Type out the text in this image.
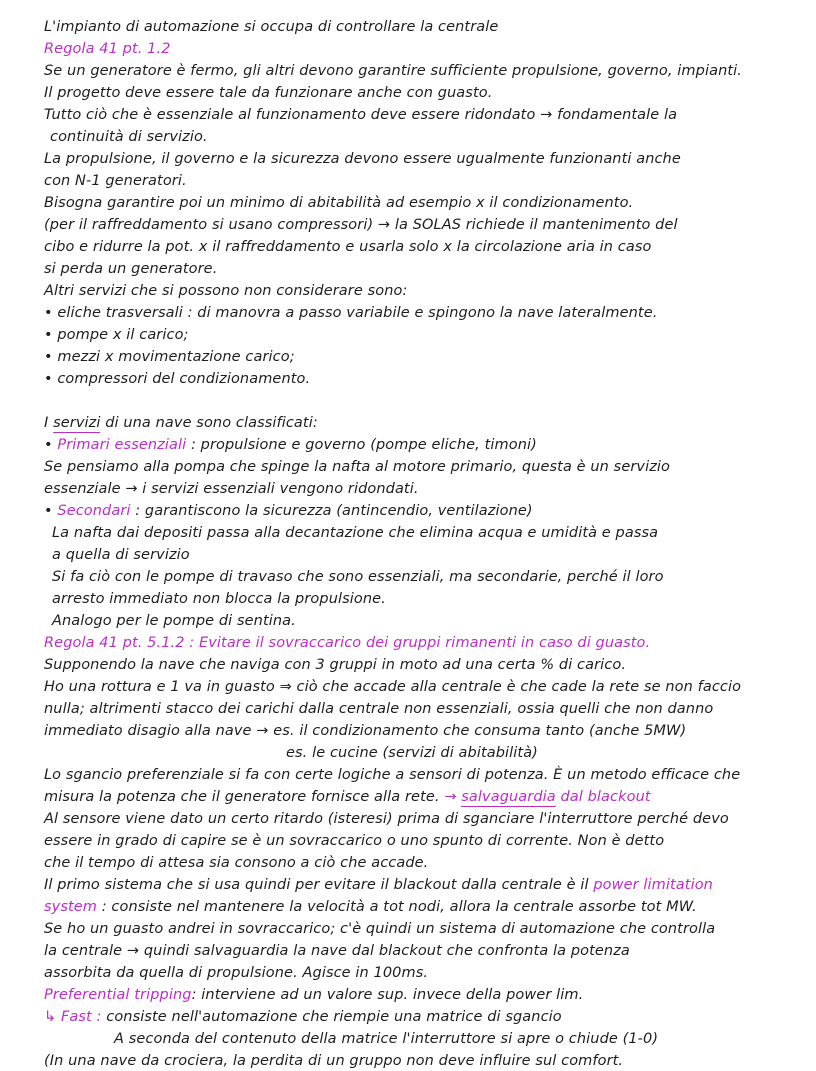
L'impianto di automazione si occupa di controllare la centrale
Regola 41 pt. 1.2
Se un generatore è fermo, gli altri devono garantire sufficiente propulsione, governo, impianti.
Il progetto deve essere tale da funzionare anche con guasto.
Tutto ciò che è essenziale al funzionamento deve essere ridondato → fondamentale la
continuità di servizio.
La propulsione, il governo e la sicurezza devono essere ugualmente funzionanti anche
con N-1 generatori.
Bisogna garantire poi un minimo di abitabilità ad esempio x il condizionamento.
(per il raffreddamento si usano compressori) → la SOLAS richiede il mantenimento del
cibo e ridurre la pot. x il raffreddamento e usarla solo x la circolazione aria in caso
si perda un generatore.
Altri servizi che si possono non considerare sono:
• eliche trasversali : di manovra a passo variabile e spingono la nave lateralmente.
• pompe x il carico;
• mezzi x movimentazione carico;
• compressori del condizionamento.
I servizi di una nave sono classificati:
• Primari essenziali : propulsione e governo (pompe eliche, timoni)
Se pensiamo alla pompa che spinge la nafta al motore primario, questa è un servizio
essenziale → i servizi essenziali vengono ridondati.
• Secondari : garantiscono la sicurezza (antincendio, ventilazione)
La nafta dai depositi passa alla decantazione che elimina acqua e umidità e passa
a quella di servizio
Si fa ciò con le pompe di travaso che sono essenziali, ma secondarie, perché il loro
arresto immediato non blocca la propulsione.
Analogo per le pompe di sentina.
Regola 41 pt. 5.1.2 : Evitare il sovraccarico dei gruppi rimanenti in caso di guasto.
Supponendo la nave che naviga con 3 gruppi in moto ad una certa % di carico.
Ho una rottura e 1 va in guasto ⇒ ciò che accade alla centrale è che cade la rete se non faccio
nulla; altrimenti stacco dei carichi dalla centrale non essenziali, ossia quelli che non danno
immediato disagio alla nave → es. il condizionamento che consuma tanto (anche 5MW)
es. le cucine (servizi di abitabilità)
Lo sgancio preferenziale si fa con certe logiche a sensori di potenza. È un metodo efficace che
misura la potenza che il generatore fornisce alla rete. → salvaguardia dal blackout
Al sensore viene dato un certo ritardo (isteresi) prima di sganciare l'interruttore perché devo
essere in grado di capire se è un sovraccarico o uno spunto di corrente. Non è detto
che il tempo di attesa sia consono a ciò che accade.
Il primo sistema che si usa quindi per evitare il blackout dalla centrale è il power limitation
system : consiste nel mantenere la velocità a tot nodi, allora la centrale assorbe tot MW.
Se ho un guasto andrei in sovraccarico; c'è quindi un sistema di automazione che controlla
la centrale → quindi salvaguardia la nave dal blackout che confronta la potenza
assorbita da quella di propulsione. Agisce in 100ms.
Preferential tripping: interviene ad un valore sup. invece della power lim.
↳ Fast : consiste nell'automazione che riempie una matrice di sgancio
A seconda del contenuto della matrice l'interruttore si apre o chiude (1-0)
(In una nave da crociera, la perdita di un gruppo non deve influire sul comfort.
